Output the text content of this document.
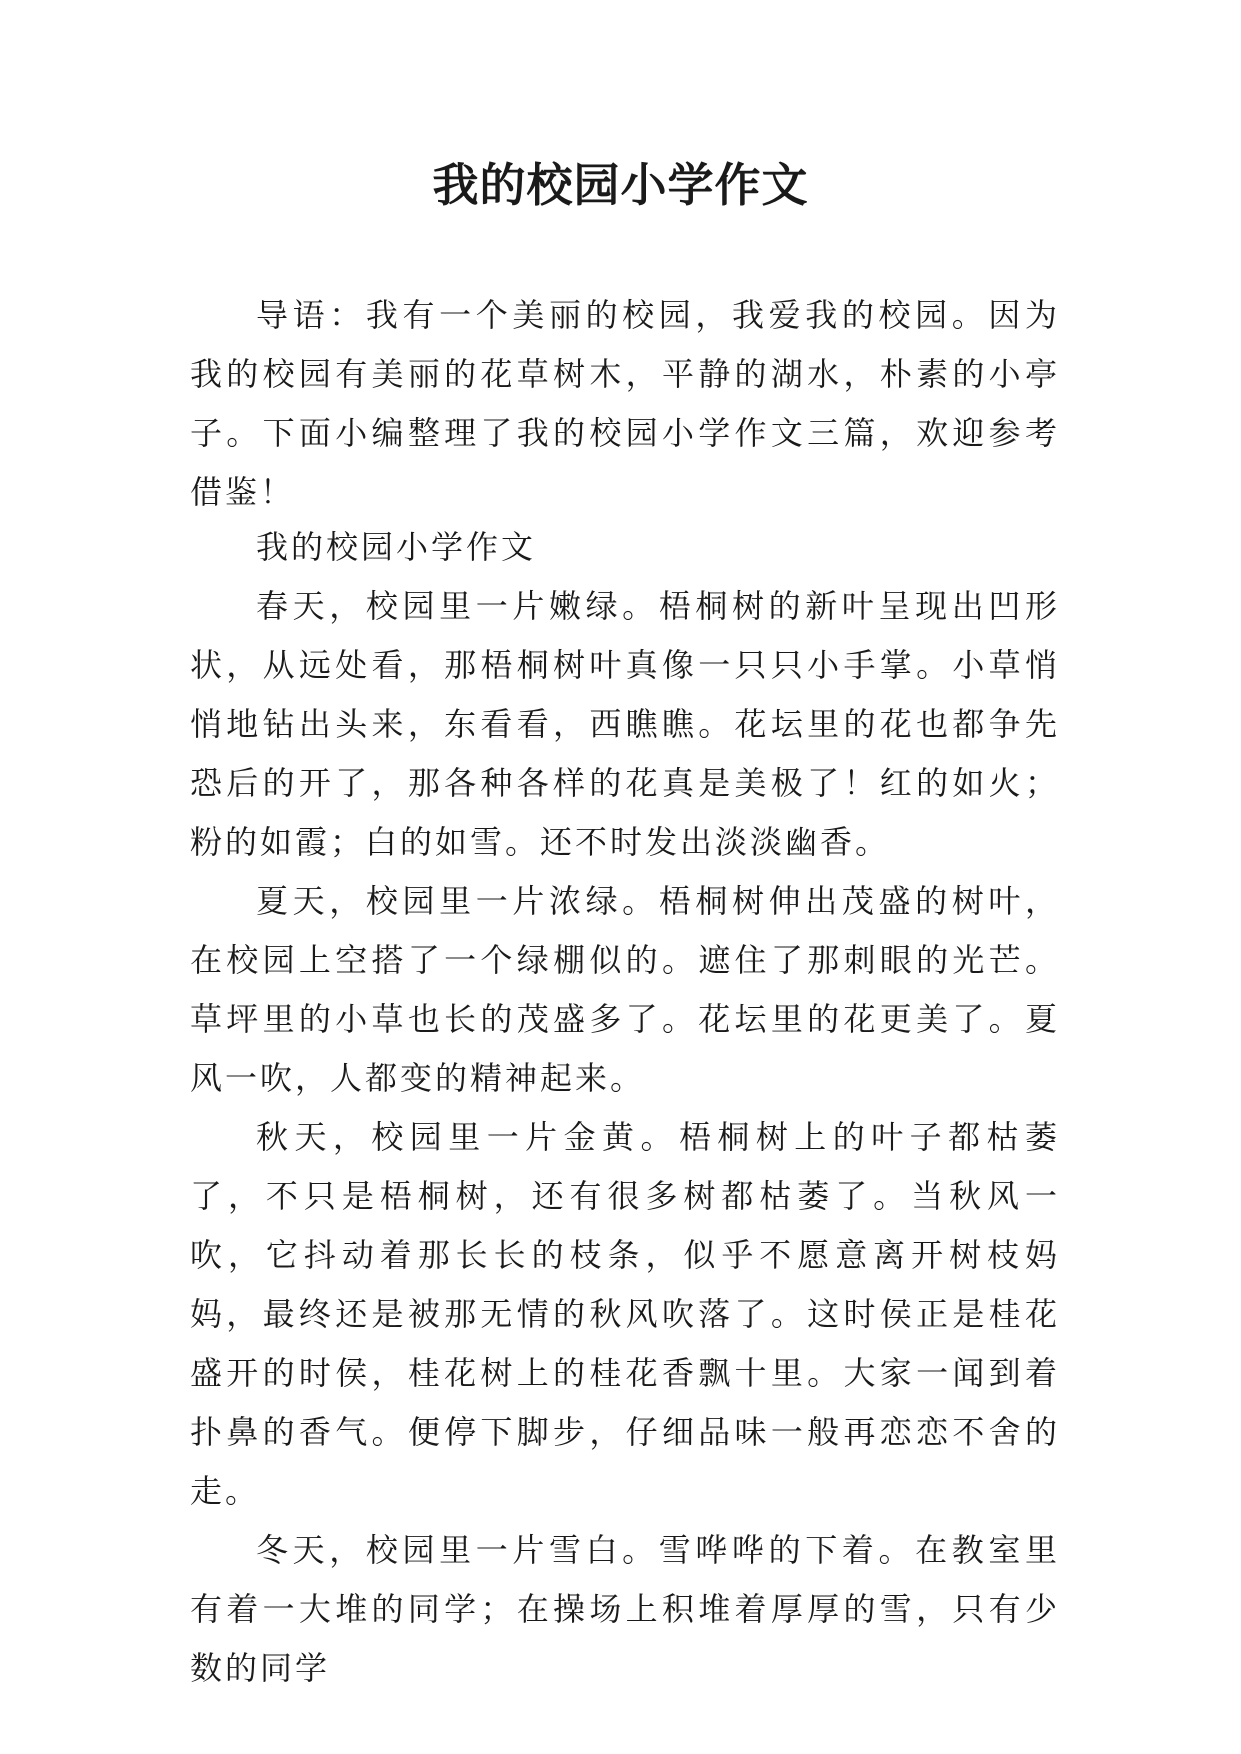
我的校园小学作文

导语：我有一个美丽的校园，我爱我的校园。因为我的校园有美丽的花草树木，平静的湖水，朴素的小亭子。下面小编整理了我的校园小学作文三篇，欢迎参考借鉴！

我的校园小学作文

春天，校园里一片嫩绿。梧桐树的新叶呈现出凹形状，从远处看，那梧桐树叶真像一只只小手掌。小草悄悄地钻出头来，东看看，西瞧瞧。花坛里的花也都争先恐后的开了，那各种各样的花真是美极了！红的如火；粉的如霞；白的如雪。还不时发出淡淡幽香。

夏天，校园里一片浓绿。梧桐树伸出茂盛的树叶，在校园上空搭了一个绿棚似的。遮住了那刺眼的光芒。草坪里的小草也长的茂盛多了。花坛里的花更美了。夏风一吹，人都变的精神起来。

秋天，校园里一片金黄。梧桐树上的叶子都枯萎了，不只是梧桐树，还有很多树都枯萎了。当秋风一吹，它抖动着那长长的枝条，似乎不愿意离开树枝妈妈，最终还是被那无情的秋风吹落了。这时侯正是桂花盛开的时侯，桂花树上的桂花香飘十里。大家一闻到着扑鼻的香气。便停下脚步，仔细品味一般再恋恋不舍的走。

冬天，校园里一片雪白。雪哗哗的下着。在教室里有着一大堆的同学；在操场上积堆着厚厚的雪，只有少数的同学
